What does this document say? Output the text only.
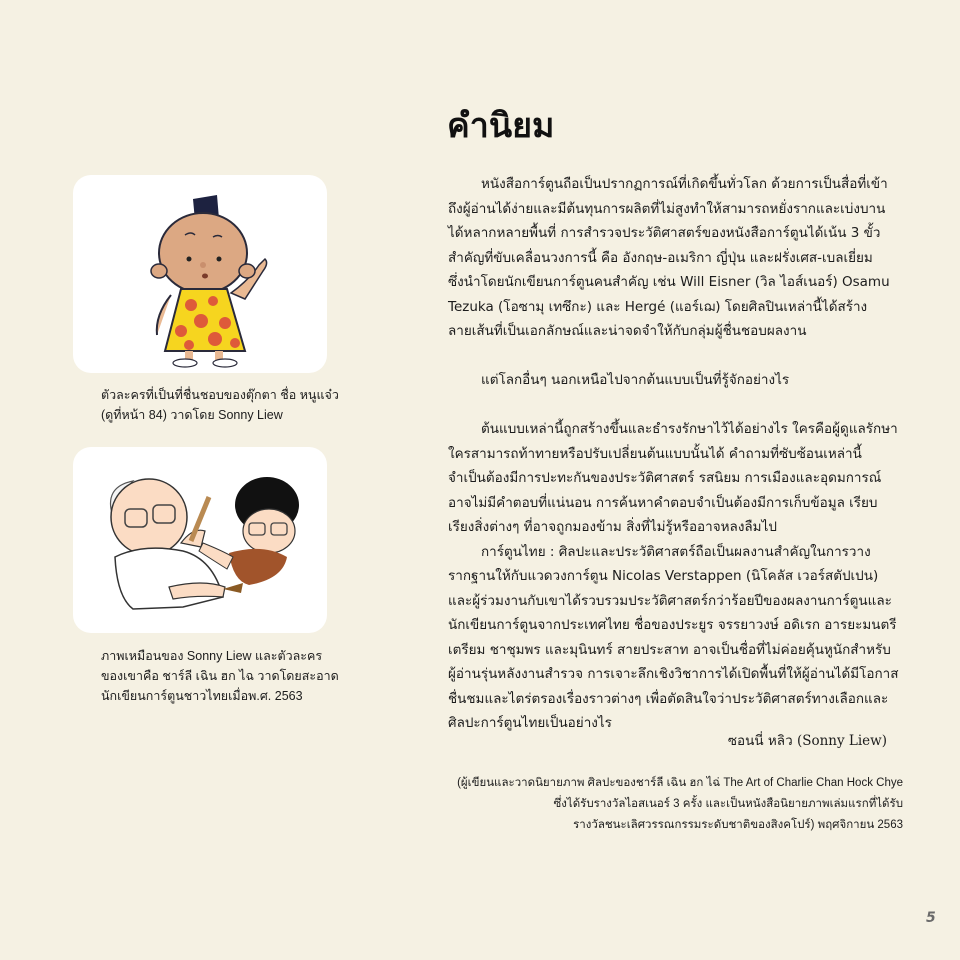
ตัวละครที่เป็นที่ชื่นชอบของตุ๊กตา ชื่อ หนูแจ๋ว
(ดูที่หน้า 84) วาดโดย Sonny Liew
ภาพเหมือนของ Sonny Liew และตัวละคร
ของเขาคือ ชาร์ลี เฉิน ฮก ไฉ วาดโดยสะอาด
นักเขียนการ์ตูนชาวไทยเมื่อพ.ศ. 2563
คำนิยม
หนังสือการ์ตูนถือเป็นปรากฏการณ์ที่เกิดขึ้นทั่วโลก ด้วยการเป็นสื่อที่เข้า
ถึงผู้อ่านได้ง่ายและมีต้นทุนการผลิตที่ไม่สูงทำให้สามารถหยั่งรากและเบ่งบาน
ได้หลากหลายพื้นที่ การสำรวจประวัติศาสตร์ของหนังสือการ์ตูนได้เน้น 3 ขั้ว
สำคัญที่ขับเคลื่อนวงการนี้ คือ อังกฤษ-อเมริกา ญี่ปุ่น และฝรั่งเศส-เบลเยี่ยม
ซึ่งนำโดยนักเขียนการ์ตูนคนสำคัญ เช่น Will Eisner (วิล ไอส์เนอร์) Osamu
Tezuka (โอซามุ เทซึกะ) และ Hergé (แอร์เฌ) โดยศิลปินเหล่านี้ได้สร้าง
ลายเส้นที่เป็นเอกลักษณ์และน่าจดจำให้กับกลุ่มผู้ชื่นชอบผลงาน
แต่โลกอื่นๆ นอกเหนือไปจากต้นแบบเป็นที่รู้จักอย่างไร
ต้นแบบเหล่านี้ถูกสร้างขึ้นและธำรงรักษาไว้ได้อย่างไร ใครคือผู้ดูแลรักษา
ใครสามารถท้าทายหรือปรับเปลี่ยนต้นแบบนั้นได้ คำถามที่ซับซ้อนเหล่านี้
จำเป็นต้องมีการปะทะกันของประวัติศาสตร์ รสนิยม การเมืองและอุดมการณ์
อาจไม่มีคำตอบที่แน่นอน การค้นหาคำตอบจำเป็นต้องมีการเก็บข้อมูล เรียบ
เรียงสิ่งต่างๆ ที่อาจถูกมองข้าม สิ่งที่ไม่รู้หรืออาจหลงลืมไป
การ์ตูนไทย : ศิลปะและประวัติศาสตร์ถือเป็นผลงานสำคัญในการวาง
รากฐานให้กับแวดวงการ์ตูน Nicolas Verstappen (นิโคลัส เวอร์สตัปเปน)
และผู้ร่วมงานกับเขาได้รวบรวมประวัติศาสตร์กว่าร้อยปีของผลงานการ์ตูนและ
นักเขียนการ์ตูนจากประเทศไทย ชื่อของประยูร จรรยาวงษ์ อดิเรก อารยะมนตรี
เตรียม ชาชุมพร และมุนินทร์ สายประสาท อาจเป็นชื่อที่ไม่ค่อยคุ้นหูนักสำหรับ
ผู้อ่านรุ่นหลังงานสำรวจ การเจาะลึกเชิงวิชาการได้เปิดพื้นที่ให้ผู้อ่านได้มีโอกาส
ชื่นชมและไตร่ตรองเรื่องราวต่างๆ เพื่อตัดสินใจว่าประวัติศาสตร์ทางเลือกและ
ศิลปะการ์ตูนไทยเป็นอย่างไร
ซอนนี่ หลิว (Sonny Liew)
(ผู้เขียนและวาดนิยายภาพ ศิลปะของชาร์ลี เฉิน ฮก ไฉ่ The Art of Charlie Chan Hock Chye
ซึ่งได้รับรางวัลไอสเนอร์ 3 ครั้ง และเป็นหนังสือนิยายภาพเล่มแรกที่ได้รับ
รางวัลชนะเลิศวรรณกรรมระดับชาติของสิงคโปร์) พฤศจิกายน 2563
5
